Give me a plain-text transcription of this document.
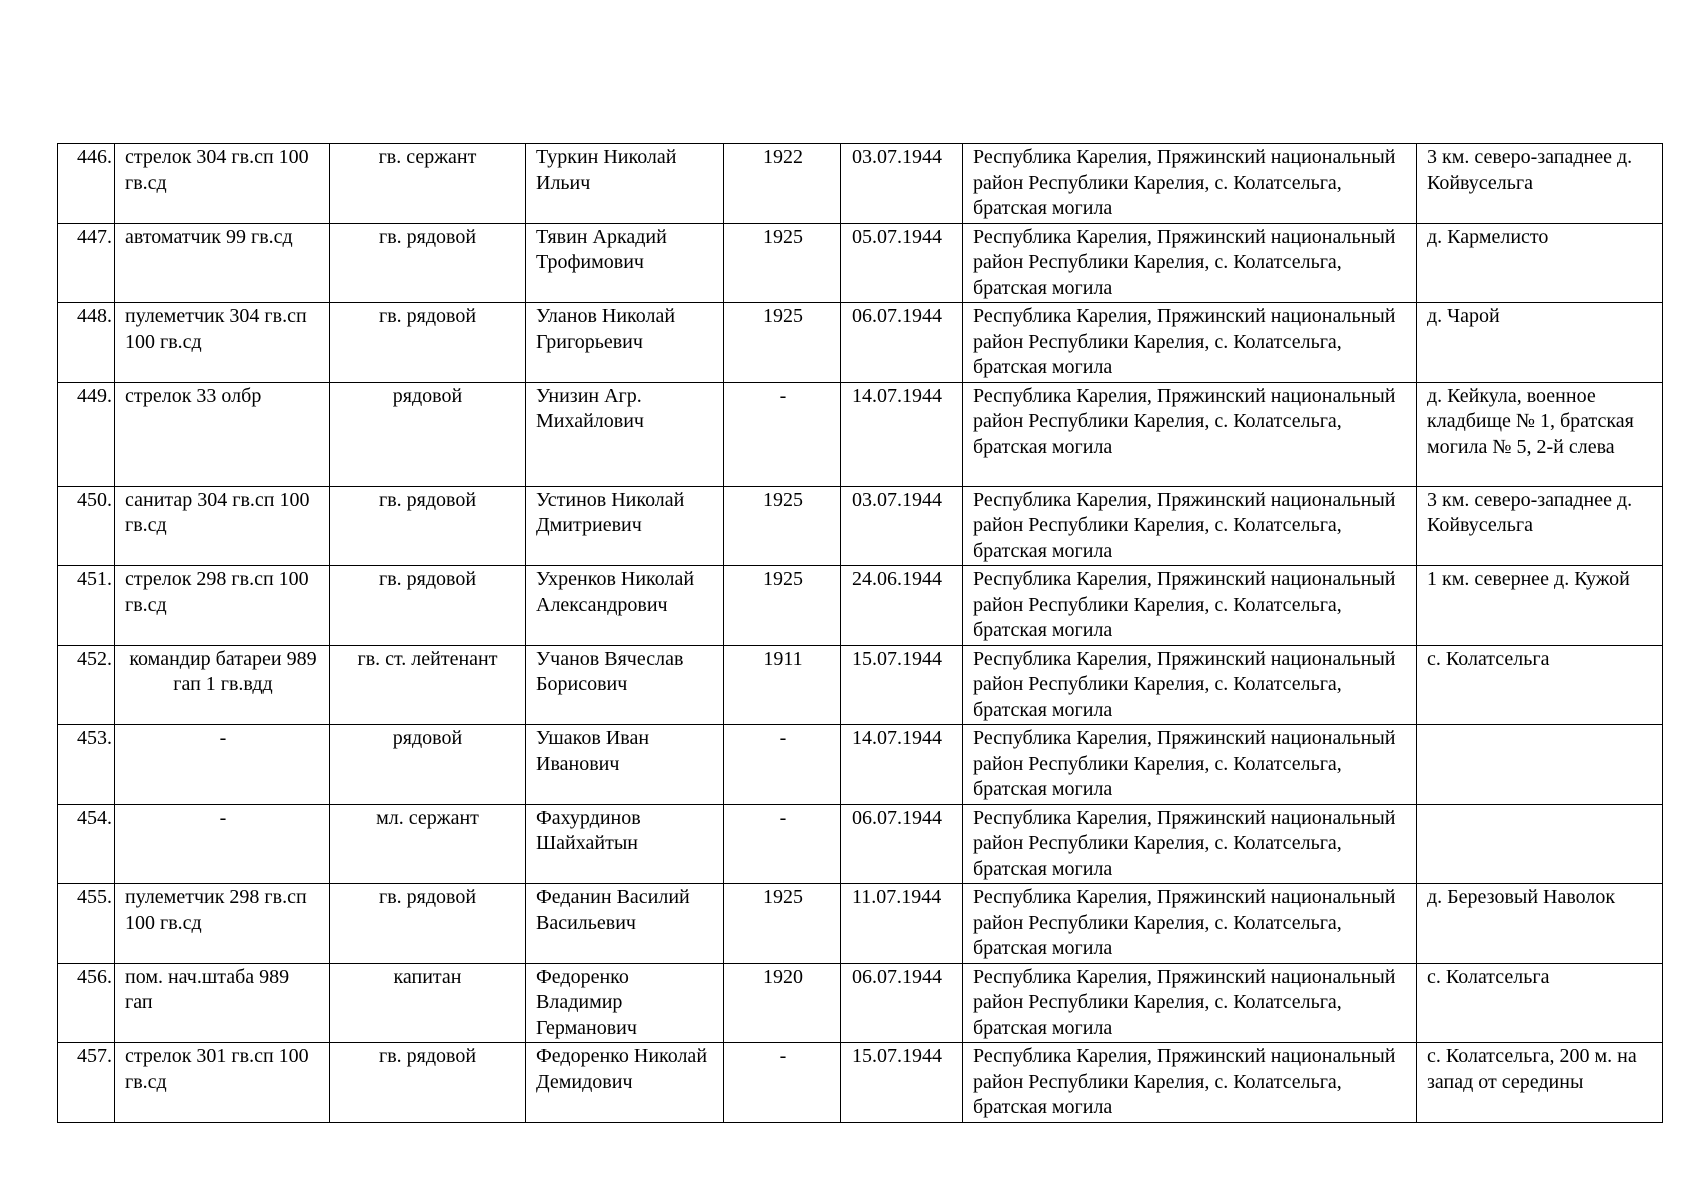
446.	стрелок 304 гв.сп 100 гв.сд	гв. сержант	Туркин Николай Ильич	1922	03.07.1944	Республика Карелия, Пряжинский национальный район Республики Карелия, с. Колатсельга, братская могила	3 км. северо-западнее д. Койвусельга
447.	автоматчик 99 гв.сд	гв. рядовой	Тявин Аркадий Трофимович	1925	05.07.1944	Республика Карелия, Пряжинский национальный район Республики Карелия, с. Колатсельга, братская могила	д. Кармелисто
448.	пулеметчик 304 гв.сп 100 гв.сд	гв. рядовой	Уланов Николай Григорьевич	1925	06.07.1944	Республика Карелия, Пряжинский национальный район Республики Карелия, с. Колатсельга, братская могила	д. Чарой
449.	стрелок 33 олбр	рядовой	Унизин Агр. Михайлович	-	14.07.1944	Республика Карелия, Пряжинский национальный район Республики Карелия, с. Колатсельга, братская могила	д. Кейкула, военное кладбище № 1, братская могила № 5, 2-й слева
450.	санитар 304 гв.сп 100 гв.сд	гв. рядовой	Устинов Николай Дмитриевич	1925	03.07.1944	Республика Карелия, Пряжинский национальный район Республики Карелия, с. Колатсельга, братская могила	3 км. северо-западнее д. Койвусельга
451.	стрелок 298 гв.сп 100 гв.сд	гв. рядовой	Ухренков Николай Александрович	1925	24.06.1944	Республика Карелия, Пряжинский национальный район Республики Карелия, с. Колатсельга, братская могила	1 км. севернее д. Кужой
452.	командир батареи 989 гап 1 гв.вдд	гв. ст. лейтенант	Учанов Вячеслав Борисович	1911	15.07.1944	Республика Карелия, Пряжинский национальный район Республики Карелия, с. Колатсельга, братская могила	с. Колатсельга
453.	-	рядовой	Ушаков Иван Иванович	-	14.07.1944	Республика Карелия, Пряжинский национальный район Республики Карелия, с. Колатсельга, братская могила	
454.	-	мл. сержант	Фахурдинов Шайхайтын	-	06.07.1944	Республика Карелия, Пряжинский национальный район Республики Карелия, с. Колатсельга, братская могила	
455.	пулеметчик 298 гв.сп 100 гв.сд	гв. рядовой	Феданин Василий Васильевич	1925	11.07.1944	Республика Карелия, Пряжинский национальный район Республики Карелия, с. Колатсельга, братская могила	д. Березовый Наволок
456.	пом. нач.штаба 989 гап	капитан	Федоренко Владимир Германович	1920	06.07.1944	Республика Карелия, Пряжинский национальный район Республики Карелия, с. Колатсельга, братская могила	с. Колатсельга
457.	стрелок 301 гв.сп 100 гв.сд	гв. рядовой	Федоренко Николай Демидович	-	15.07.1944	Республика Карелия, Пряжинский национальный район Республики Карелия, с. Колатсельга, братская могила	с. Колатсельга, 200 м. на запад от середины
